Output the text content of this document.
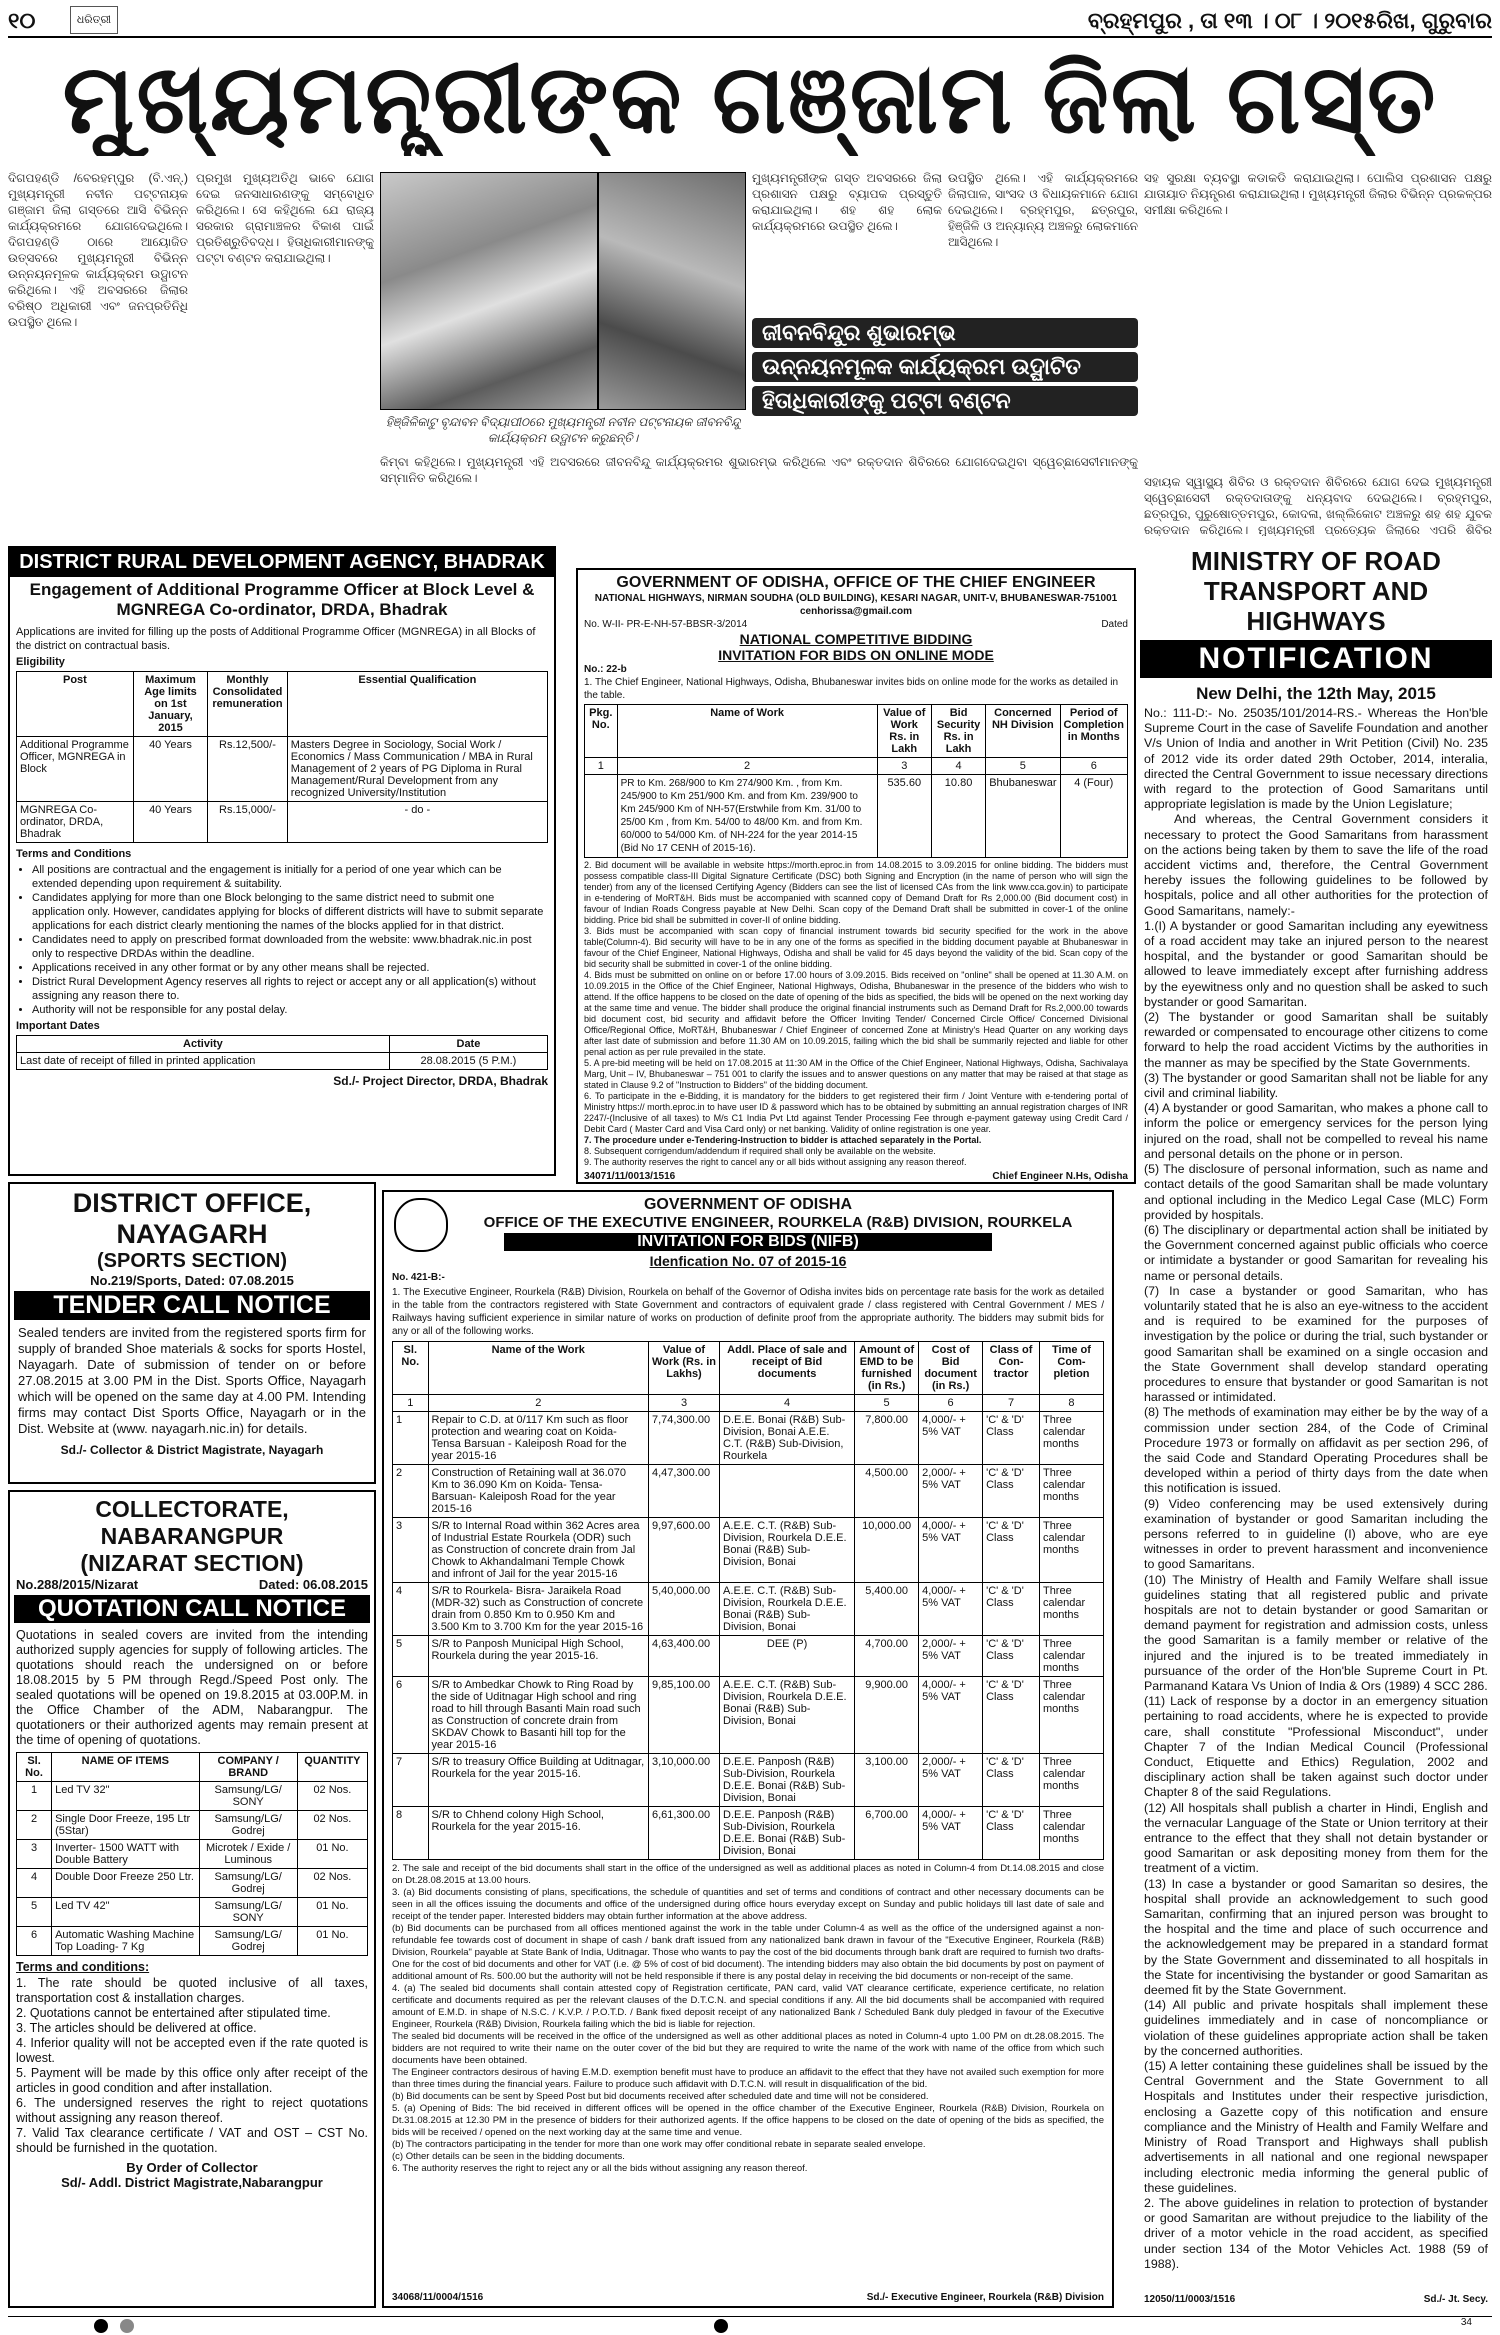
୧୦	ଧରିତ୍ରୀ	ବ୍ରହ୍ମପୁର , ତା ୧୩ । ୦୮ । ୨୦୧୫ରିଖ, ଗୁରୁବାର
ମୁଖ୍ୟମନ୍ତ୍ରୀଙ୍କ ଗଞ୍ଜାମ ଜିଲା ଗସ୍ତ
ଦିଗପହଣ୍ଡି /ବେରହମ୍ପୁର (ବି.ଏନ୍.) ମୁଖ୍ୟମନ୍ତ୍ରୀ ନବୀନ ପଟ୍ଟନାୟକ ଗଞ୍ଜାମ ଜିଲା ଗସ୍ତରେ ଆସି ବିଭିନ୍ନ କାର୍ଯ୍ୟକ୍ରମରେ ଯୋଗଦେଇଥିଲେ। ଦିଗପହଣ୍ଡି ଠାରେ ଆୟୋଜିତ ଉତ୍ସବରେ ମୁଖ୍ୟମନ୍ତ୍ରୀ ବିଭିନ୍ନ ଉନ୍ନୟନମୂଳକ କାର୍ଯ୍ୟକ୍ରମ ଉଦ୍ଘାଟନ କରିଥିଲେ। ଏହି ଅବସରରେ ଜିଲାର ବରିଷ୍ଠ ଅଧିକାରୀ ଏବଂ ଜନପ୍ରତିନିଧି ଉପସ୍ଥିତ ଥିଲେ।
ପ୍ରମୁଖ ମୁଖ୍ୟଅତିଥି ଭାବେ ଯୋଗ ଦେଇ ଜନସାଧାରଣଙ୍କୁ ସମ୍ବୋଧିତ କରିଥିଲେ। ସେ କହିଥିଲେ ଯେ ରାଜ୍ୟ ସରକାର ଗ୍ରାମାଞ୍ଚଳର ବିକାଶ ପାଇଁ ପ୍ରତିଶ୍ରୁତିବଦ୍ଧ। ହିତାଧିକାରୀମାନଙ୍କୁ ପଟ୍ଟା ବଣ୍ଟନ କରାଯାଇଥିଲା।
ହିଞ୍ଜିଳିକାଟୁ ବୃନ୍ଦାବନ ବିଦ୍ୟାପୀଠରେ ମୁଖ୍ୟମନ୍ତ୍ରୀ ନବୀନ ପଟ୍ଟନାୟକ ଜୀବନବିନ୍ଦୁ କାର୍ଯ୍ୟକ୍ରମ ଉଦ୍ଘାଟନ କରୁଛନ୍ତି।
ମୁଖ୍ୟମନ୍ତ୍ରୀଙ୍କ ଗସ୍ତ ଅବସରରେ ଜିଲା ପ୍ରଶାସନ ପକ୍ଷରୁ ବ୍ୟାପକ ପ୍ରସ୍ତୁତି କରାଯାଇଥିଲା। ଶହ ଶହ ଲୋକ କାର୍ଯ୍ୟକ୍ରମରେ ଉପସ୍ଥିତ ଥିଲେ।
ଉପସ୍ଥିତ ଥିଲେ। ଏହି କାର୍ଯ୍ୟକ୍ରମରେ ଜିଲାପାଳ, ସାଂସଦ ଓ ବିଧାୟକମାନେ ଯୋଗ ଦେଇଥିଲେ। ବ୍ରହ୍ମପୁର, ଛତ୍ରପୁର, ହିଞ୍ଜିଳି ଓ ଅନ୍ୟାନ୍ୟ ଅଞ୍ଚଳରୁ ଲୋକମାନେ ଆସିଥିଲେ।
ଜୀବନବିନ୍ଦୁର ଶୁଭାରମ୍ଭ
ଉନ୍ନୟନମୂଳକ କାର୍ଯ୍ୟକ୍ରମ ଉଦ୍ଘାଟିତ
ହିତାଧିକାରୀଙ୍କୁ ପଟ୍ଟା ବଣ୍ଟନ
କିମ୍ବା କହିଥିଲେ। ମୁଖ୍ୟମନ୍ତ୍ରୀ ଏହି ଅବସରରେ ଜୀବନବିନ୍ଦୁ କାର୍ଯ୍ୟକ୍ରମର ଶୁଭାରମ୍ଭ କରିଥିଲେ ଏବଂ ରକ୍ତଦାନ ଶିବିରରେ ଯୋଗଦେଇଥିବା ସ୍ୱେଚ୍ଛାସେବୀମାନଙ୍କୁ ସମ୍ମାନିତ କରିଥିଲେ।
ସହ ସୁରକ୍ଷା ବ୍ୟବସ୍ଥା କଡାକଡି କରାଯାଇଥିଲା। ପୋଲିସ ପ୍ରଶାସନ ପକ୍ଷରୁ ଯାତାୟାତ ନିୟନ୍ତ୍ରଣ କରାଯାଇଥିଲା। ମୁଖ୍ୟମନ୍ତ୍ରୀ ଜିଲାର ବିଭିନ୍ନ ପ୍ରକଳ୍ପର ସମୀକ୍ଷା କରିଥିଲେ।
DISTRICT RURAL DEVELOPMENT AGENCY, BHADRAK
Engagement of Additional Programme Officer at Block Level & MGNREGA Co-ordinator, DRDA, Bhadrak
Applications are invited for filling up the posts of Additional Programme Officer (MGNREGA) in all Blocks of the district on contractual basis.
Eligibility
Post	Maximum Age limits on 1st January, 2015	Monthly Consolidated remuneration	Essential Qualification
Additional Programme Officer, MGNREGA in Block	40 Years	Rs.12,500/-	Masters Degree in Sociology, Social Work / Economics / Mass Communication / MBA in Rural Management of 2 years of PG Diploma in Rural Management/Rural Development from any recognized University/Institution
MGNREGA Co-ordinator, DRDA, Bhadrak	40 Years	Rs.15,000/-	- do -
Terms and Conditions
• All positions are contractual and the engagement is initially for a period of one year which can be extended depending upon requirement & suitability.
• Candidates applying for more than one Block belonging to the same district need to submit one application only. However, candidates applying for blocks of different districts will have to submit separate applications for each district clearly mentioning the names of the blocks applied for in that district.
• Candidates need to apply on prescribed format downloaded from the website: www.bhadrak.nic.in post only to respective DRDAs within the deadline.
• Applications received in any other format or by any other means shall be rejected.
• District Rural Development Agency reserves all rights to reject or accept any or all application(s) without assigning any reason there to.
• Authority will not be responsible for any postal delay.
Important Dates
Activity	Date
Last date of receipt of filled in printed application	28.08.2015 (5 P.M.)
Sd./- Project Director, DRDA, Bhadrak
GOVERNMENT OF ODISHA, OFFICE OF THE CHIEF ENGINEER
NATIONAL HIGHWAYS, NIRMAN SOUDHA (OLD BUILDING), KESARI NAGAR, UNIT-V, BHUBANESWAR-751001
cenhorissa@gmail.com
No. W-II- PR-E-NH-57-BBSR-3/2014	Dated
NATIONAL COMPETITIVE BIDDING
INVITATION FOR BIDS ON ONLINE MODE
No.: 22-b
1. The Chief Engineer, National Highways, Odisha, Bhubaneswar invites bids on online mode for the works as detailed in the table.
Pkg. No.	Name of Work	Value of Work Rs. in Lakh	Bid Security Rs. in Lakh	Concerned NH Division	Period of Completion in Months
1	2	3	4	5	6
	PR to Km. 268/900 to Km 274/900 Km. , from Km. 245/900 to Km 251/900 Km. and from Km. 239/900 to Km 245/900 Km of NH-57(Erstwhile from Km. 31/00 to 25/00 Km , from Km. 54/00 to 48/00 Km. and from Km. 60/000 to 54/000 Km. of NH-224 for the year 2014-15 (Bid No 17 CENH of 2015-16).	535.60	10.80	Bhubaneswar	4 (Four)
2. Bid document will be available in website https://morth.eproc.in from 14.08.2015 to 3.09.2015 for online bidding. The bidders must possess compatible class-III Digital Signature Certificate (DSC) both Signing and Encryption (in the name of person who will sign the tender) from any of the licensed Certifying Agency (Bidders can see the list of licensed CAs from the link www.cca.gov.in) to participate in e-tendering of MoRT&H. Bids must be accompanied with scanned copy of Demand Draft for Rs 2,000.00 (Bid document cost) in favour of Indian Roads Congress payable at New Delhi. Scan copy of the Demand Draft shall be submitted in cover-1 of the online bidding. Price bid shall be submitted in cover-II of online bidding.
3. Bids must be accompanied with scan copy of financial instrument towards bid security specified for the work in the above table(Column-4). Bid security will have to be in any one of the forms as specified in the bidding document payable at Bhubaneswar in favour of the Chief Engineer, National Highways, Odisha and shall be valid for 45 days beyond the validity of the bid. Scan copy of the bid security shall be submitted in cover-1 of the online bidding.
4. Bids must be submitted on online on or before 17.00 hours of 3.09.2015. Bids received on "online" shall be opened at 11.30 A.M. on 10.09.2015 in the Office of the Chief Engineer, National Highways, Odisha, Bhubaneswar in the presence of the bidders who wish to attend. If the office happens to be closed on the date of opening of the bids as specified, the bids will be opened on the next working day at the same time and venue. The bidder shall produce the original financial instruments such as Demand Draft for Rs.2,000.00 towards bid document cost, bid security and affidavit before the Officer Inviting Tender/ Concerned Circle Office/ Concerned Divisional Office/Regional Office, MoRT&H, Bhubaneswar / Chief Engineer of concerned Zone at Ministry's Head Quarter on any working days after last date of submission and before 11.30 AM on 10.09.2015, failing which the bid shall be summarily rejected and liable for other penal action as per rule prevailed in the state.
5. A pre-bid meeting will be held on 17.08.2015 at 11:30 AM in the Office of the Chief Engineer, National Highways, Odisha, Sachivalaya Marg, Unit – IV, Bhubaneswar – 751 001 to clarify the issues and to answer questions on any matter that may be raised at that stage as stated in Clause 9.2 of "Instruction to Bidders" of the bidding document.
6. To participate in the e-Bidding, it is mandatory for the bidders to get registered their firm / Joint Venture with e-tendering portal of Ministry https:// morth.eproc.in to have user ID & password which has to be obtained by submitting an annual registration charges of INR 2247/-(Inclusive of all taxes) to M/s C1 India Pvt Ltd against Tender Processing Fee through e-payment gateway using Credit Card / Debit Card ( Master Card and Visa Card only) or net banking. Validity of online registration is one year.
7. The procedure under e-Tendering-Instruction to bidder is attached separately in the Portal.
8. Subsequent corrigendum/addendum if required shall only be available on the website.
9. The authority reserves the right to cancel any or all bids without assigning any reason thereof.
34071/11/0013/1516	Chief Engineer N.Hs, Odisha
DISTRICT OFFICE, NAYAGARH
(SPORTS SECTION)
No.219/Sports, Dated: 07.08.2015
TENDER CALL NOTICE
Sealed tenders are invited from the registered sports firm for supply of branded Shoe materials & socks for sports Hostel, Nayagarh. Date of submission of tender on or before 27.08.2015 at 3.00 PM in the Dist. Sports Office, Nayagarh which will be opened on the same day at 4.00 PM. Intending firms may contact Dist Sports Office, Nayagarh or in the Dist. Website at (www. nayagarh.nic.in) for details.
Sd./- Collector & District Magistrate, Nayagarh
COLLECTORATE, NABARANGPUR
(NIZARAT SECTION)
No.288/2015/Nizarat	Dated: 06.08.2015
QUOTATION CALL NOTICE
Quotations in sealed covers are invited from the intending authorized supply agencies for supply of following articles. The quotations should reach the undersigned on or before 18.08.2015 by 5 PM through Regd./Speed Post only. The sealed quotations will be opened on 19.8.2015 at 03.00P.M. in the Office Chamber of the ADM, Nabarangpur. The quotationers or their authorized agents may remain present at the time of opening of quotations.
Sl. No.	NAME OF ITEMS	COMPANY / BRAND	QUANTITY
1	Led TV 32"	Samsung/LG/ SONY	02 Nos.
2	Single Door Freeze, 195 Ltr (5Star)	Samsung/LG/ Godrej	02 Nos.
3	Inverter- 1500 WATT with Double Battery	Microtek / Exide / Luminous	01 No.
4	Double Door Freeze 250 Ltr.	Samsung/LG/ Godrej	02 Nos.
5	Led TV 42"	Samsung/LG/ SONY	01 No.
6	Automatic Washing Machine Top Loading- 7 Kg	Samsung/LG/ Godrej	01 No.
Terms and conditions:
1. The rate should be quoted inclusive of all taxes, transportation cost & installation charges.
2. Quotations cannot be entertained after stipulated time.
3. The articles should be delivered at office.
4. Inferior quality will not be accepted even if the rate quoted is lowest.
5. Payment will be made by this office only after receipt of the articles in good condition and after installation.
6. The undersigned reserves the right to reject quotations without assigning any reason thereof.
7. Valid Tax clearance certificate / VAT and OST – CST No. should be furnished in the quotation.
By Order of Collector
Sd/- Addl. District Magistrate,Nabarangpur
GOVERNMENT OF ODISHA
OFFICE OF THE EXECUTIVE ENGINEER, ROURKELA (R&B) DIVISION, ROURKELA
INVITATION FOR BIDS (NIFB)
Idenfication No. 07 of 2015-16
No. 421-B:-
1. The Executive Engineer, Rourkela (R&B) Division, Rourkela on behalf of the Governor of Odisha invites bids on percentage rate basis for the work as detailed in the table from the contractors registered with State Government and contractors of equivalent grade / class registered with Central Government / MES / Railways having sufficient experience in similar nature of works on production of definite proof from the appropriate authority. The bidders may submit bids for any or all of the following works.
Sl. No.	Name of the Work	Value of Work (Rs. in Lakhs)	Addl. Place of sale and receipt of Bid documents	Amount of EMD to be furnished (in Rs.)	Cost of Bid document (in Rs.)	Class of Con-tractor	Time of Com-pletion
1	2	3	4	5	6	7	8
1	Repair to C.D. at 0/117 Km such as floor protection and wearing coat on Koida- Tensa Barsuan - Kaleiposh Road for the year 2015-16	7,74,300.00	D.E.E. Bonai (R&B) Sub-Division, Bonai A.E.E. C.T. (R&B) Sub-Division, Rourkela	7,800.00	4,000/- + 5% VAT	'C' & 'D' Class	Three calendar months
2	Construction of Retaining wall at 36.070 Km to 36.090 Km on Koida- Tensa- Barsuan- Kaleiposh Road for the year 2015-16	4,47,300.00		4,500.00	2,000/- + 5% VAT	'C' & 'D' Class	Three calendar months
3	S/R to Internal Road within 362 Acres area of Industrial Estate Rourkela (ODR) such as Construction of concrete drain from Jal Chowk to Akhandalmani Temple Chowk and infront of Jail for the year 2015-16	9,97,600.00	A.E.E. C.T. (R&B) Sub-Division, Rourkela D.E.E. Bonai (R&B) Sub-Division, Bonai	10,000.00	4,000/- + 5% VAT	'C' & 'D' Class	Three calendar months
4	S/R to Rourkela- Bisra- Jaraikela Road (MDR-32) such as Construction of concrete drain from 0.850 Km to 0.950 Km and 3.500 Km to 3.700 Km for the year 2015-16	5,40,000.00	A.E.E. C.T. (R&B) Sub-Division, Rourkela D.E.E. Bonai (R&B) Sub-Division, Bonai	5,400.00	4,000/- + 5% VAT	'C' & 'D' Class	Three calendar months
5	S/R to Panposh Municipal High School, Rourkela during the year 2015-16.	4,63,400.00	DEE (P)	4,700.00	2,000/- + 5% VAT	'C' & 'D' Class	Three calendar months
6	S/R to Ambedkar Chowk to Ring Road by the side of Uditnagar High school and ring road to hill through Basanti Main road such as Construction of concrete drain from SKDAV Chowk to Basanti hill top for the year 2015-16	9,85,100.00	A.E.E. C.T. (R&B) Sub-Division, Rourkela D.E.E. Bonai (R&B) Sub-Division, Bonai	9,900.00	4,000/- + 5% VAT	'C' & 'D' Class	Three calendar months
7	S/R to treasury Office Building at Uditnagar, Rourkela for the year 2015-16.	3,10,000.00	D.E.E. Panposh (R&B) Sub-Division, Rourkela D.E.E. Bonai (R&B) Sub-Division, Bonai	3,100.00	2,000/- + 5% VAT	'C' & 'D' Class	Three calendar months
8	S/R to Chhend colony High School, Rourkela for the year 2015-16.	6,61,300.00	D.E.E. Panposh (R&B) Sub-Division, Rourkela D.E.E. Bonai (R&B) Sub-Division, Bonai	6,700.00	4,000/- + 5% VAT	'C' & 'D' Class	Three calendar months
2. The sale and receipt of the bid documents shall start in the office of the undersigned as well as additional places as noted in Column-4 from Dt.14.08.2015 and close on Dt.28.08.2015 at 13.00 hours.
3. (a) Bid documents consisting of plans, specifications, the schedule of quantities and set of terms and conditions of contract and other necessary documents can be seen in all the offices issuing the documents and office of the undersigned during office hours everyday except on Sunday and public holidays till last date of sale and receipt of the tender paper. Interested bidders may obtain further information at the above address.
(b) Bid documents can be purchased from all offices mentioned against the work in the table under Column-4 as well as the office of the undersigned against a non-refundable fee towards cost of document in shape of cash / bank draft issued from any nationalized bank drawn in favour of the "Executive Engineer, Rourkela (R&B) Division, Rourkela" payable at State Bank of India, Uditnagar. Those who wants to pay the cost of the bid documents through bank draft are required to furnish two drafts- One for the cost of bid documents and other for VAT (i.e. @ 5% of cost of bid document). The intending bidders may also obtain the bid documents by post on payment of additional amount of Rs. 500.00 but the authority will not be held responsible if there is any postal delay in receiving the bid documents or non-receipt of the same.
4. (a) The sealed bid documents shall contain attested copy of Registration certificate, PAN card, valid VAT clearance certificate, experience certificate, no relation certificate and documents required as per the relevant clauses of the D.T.C.N. and special conditions if any. All the bid documents shall be accompanied with required amount of E.M.D. in shape of N.S.C. / K.V.P. / P.O.T.D. / Bank fixed deposit receipt of any nationalized Bank / Scheduled Bank duly pledged in favour of the Executive Engineer, Rourkela (R&B) Division, Rourkela failing which the bid is liable for rejection.
The sealed bid documents will be received in the office of the undersigned as well as other additional places as noted in Column-4 upto 1.00 PM on dt.28.08.2015. The bidders are not required to write their name on the outer cover of the bid but they are required to write the name of the work with name of the office from which such documents have been obtained.
The Engineer contractors desirous of having E.M.D. exemption benefit must have to produce an affidavit to the effect that they have not availed such exemption for more than three times during the financial years. Failure to produce such affidavit with D.T.C.N. will result in disqualification of the bid.
(b) Bid documents can be sent by Speed Post but bid documents received after scheduled date and time will not be considered.
5. (a) Opening of Bids: The bid received in different offices will be opened in the office chamber of the Executive Engineer, Rourkela (R&B) Division, Rourkela on Dt.31.08.2015 at 12.30 PM in the presence of bidders for their authorized agents. If the office happens to be closed on the date of opening of the bids as specified, the bids will be received / opened on the next working day at the same time and venue.
(b) The contractors participating in the tender for more than one work may offer conditional rebate in separate sealed envelope.
(c) Other details can be seen in the bidding documents.
6. The authority reserves the right to reject any or all the bids without assigning any reason thereof.
34068/11/0004/1516	Sd./- Executive Engineer, Rourkela (R&B) Division
ସହାୟକ ସ୍ୱାସ୍ଥ୍ୟ ଶିବିର ଓ ରକ୍ତଦାନ ଶିବିରରେ ଯୋଗ ଦେଇ ମୁଖ୍ୟମନ୍ତ୍ରୀ ସ୍ୱେଚ୍ଛାସେବୀ ରକ୍ତଦାତାଙ୍କୁ ଧନ୍ୟବାଦ ଦେଇଥିଲେ। ବ୍ରହ୍ମପୁର, ଛତ୍ରପୁର, ପୁରୁଷୋତ୍ତମପୁର, କୋଦଳା, ଖଲ୍ଲିକୋଟ ଅଞ୍ଚଳରୁ ଶହ ଶହ ଯୁବକ ରକ୍ତଦାନ କରିଥିଲେ। ମୁଖ୍ୟମନ୍ତ୍ରୀ ପ୍ରତ୍ୟେକ ଜିଲାରେ ଏପରି ଶିବିର
MINISTRY OF ROAD TRANSPORT AND HIGHWAYS
NOTIFICATION
New Delhi, the 12th May, 2015
No.: 111-D:- No. 25035/101/2014-RS.- Whereas the Hon'ble Supreme Court in the case of Savelife Foundation and another V/s Union of India and another in Writ Petition (Civil) No. 235 of 2012 vide its order dated 29th October, 2014, interalia, directed the Central Government to issue necessary directions with regard to the protection of Good Samaritans until appropriate legislation is made by the Union Legislature;
And whereas, the Central Government considers it necessary to protect the Good Samaritans from harassment on the actions being taken by them to save the life of the road accident victims and, therefore, the Central Government hereby issues the following guidelines to be followed by hospitals, police and all other authorities for the protection of Good Samaritans, namely:-
1.(I) A bystander or good Samaritan including any eyewitness of a road accident may take an injured person to the nearest hospital, and the bystander or good Samaritan should be allowed to leave immediately except after furnishing address by the eyewitness only and no question shall be asked to such bystander or good Samaritan.
(2) The bystander or good Samaritan shall be suitably rewarded or compensated to encourage other citizens to come forward to help the road accident Victims by the authorities in the manner as may be specified by the State Governments.
(3) The bystander or good Samaritan shall not be liable for any civil and criminal liability.
(4) A bystander or good Samaritan, who makes a phone call to inform the police or emergency services for the person lying injured on the road, shall not be compelled to reveal his name and personal details on the phone or in person.
(5) The disclosure of personal information, such as name and contact details of the good Samaritan shall be made voluntary and optional including in the Medico Legal Case (MLC) Form provided by hospitals.
(6) The disciplinary or departmental action shall be initiated by the Government concerned against public officials who coerce or intimidate a bystander or good Samaritan for revealing his name or personal details.
(7) In case a bystander or good Samaritan, who has voluntarily stated that he is also an eye-witness to the accident and is required to be examined for the purposes of investigation by the police or during the trial, such bystander or good Samaritan shall be examined on a single occasion and the State Government shall develop standard operating procedures to ensure that bystander or good Samaritan is not harassed or intimidated.
(8) The methods of examination may either be by the way of a commission under section 284, of the Code of Criminal Procedure 1973 or formally on affidavit as per section 296, of the said Code and Standard Operating Procedures shall be developed within a period of thirty days from the date when this notification is issued.
(9) Video conferencing may be used extensively during examination of bystander or good Samaritan including the persons referred to in guideline (I) above, who are eye witnesses in order to prevent harassment and inconvenience to good Samaritans.
(10) The Ministry of Health and Family Welfare shall issue guidelines stating that all registered public and private hospitals are not to detain bystander or good Samaritan or demand payment for registration and admission costs, unless the good Samaritan is a family member or relative of the injured and the injured is to be treated immediately in pursuance of the order of the Hon'ble Supreme Court in Pt. Parmanand Katara Vs Union of India & Ors (1989) 4 SCC 286.
(11) Lack of response by a doctor in an emergency situation pertaining to road accidents, where he is expected to provide care, shall constitute "Professional Misconduct", under Chapter 7 of the Indian Medical Council (Professional Conduct, Etiquette and Ethics) Regulation, 2002 and disciplinary action shall be taken against such doctor under Chapter 8 of the said Regulations.
(12) All hospitals shall publish a charter in Hindi, English and the vernacular Language of the State or Union territory at their entrance to the effect that they shall not detain bystander or good Samaritan or ask depositing money from them for the treatment of a victim.
(13) In case a bystander or good Samaritan so desires, the hospital shall provide an acknowledgement to such good Samaritan, confirming that an injured person was brought to the hospital and the time and place of such occurrence and the acknowledgement may be prepared in a standard format by the State Government and disseminated to all hospitals in the State for incentivising the bystander or good Samaritan as deemed fit by the State Government.
(14) All public and private hospitals shall implement these guidelines immediately and in case of noncompliance or violation of these guidelines appropriate action shall be taken by the concerned authorities.
(15) A letter containing these guidelines shall be issued by the Central Government and the State Government to all Hospitals and Institutes under their respective jurisdiction, enclosing a Gazette copy of this notification and ensure compliance and the Ministry of Health and Family Welfare and Ministry of Road Transport and Highways shall publish advertisements in all national and one regional newspaper including electronic media informing the general public of these guidelines.
2. The above guidelines in relation to protection of bystander or good Samaritan are without prejudice to the liability of the driver of a motor vehicle in the road accident, as specified under section 134 of the Motor Vehicles Act. 1988 (59 of 1988).
12050/11/0003/1516	Sd./- Jt. Secy.
34
